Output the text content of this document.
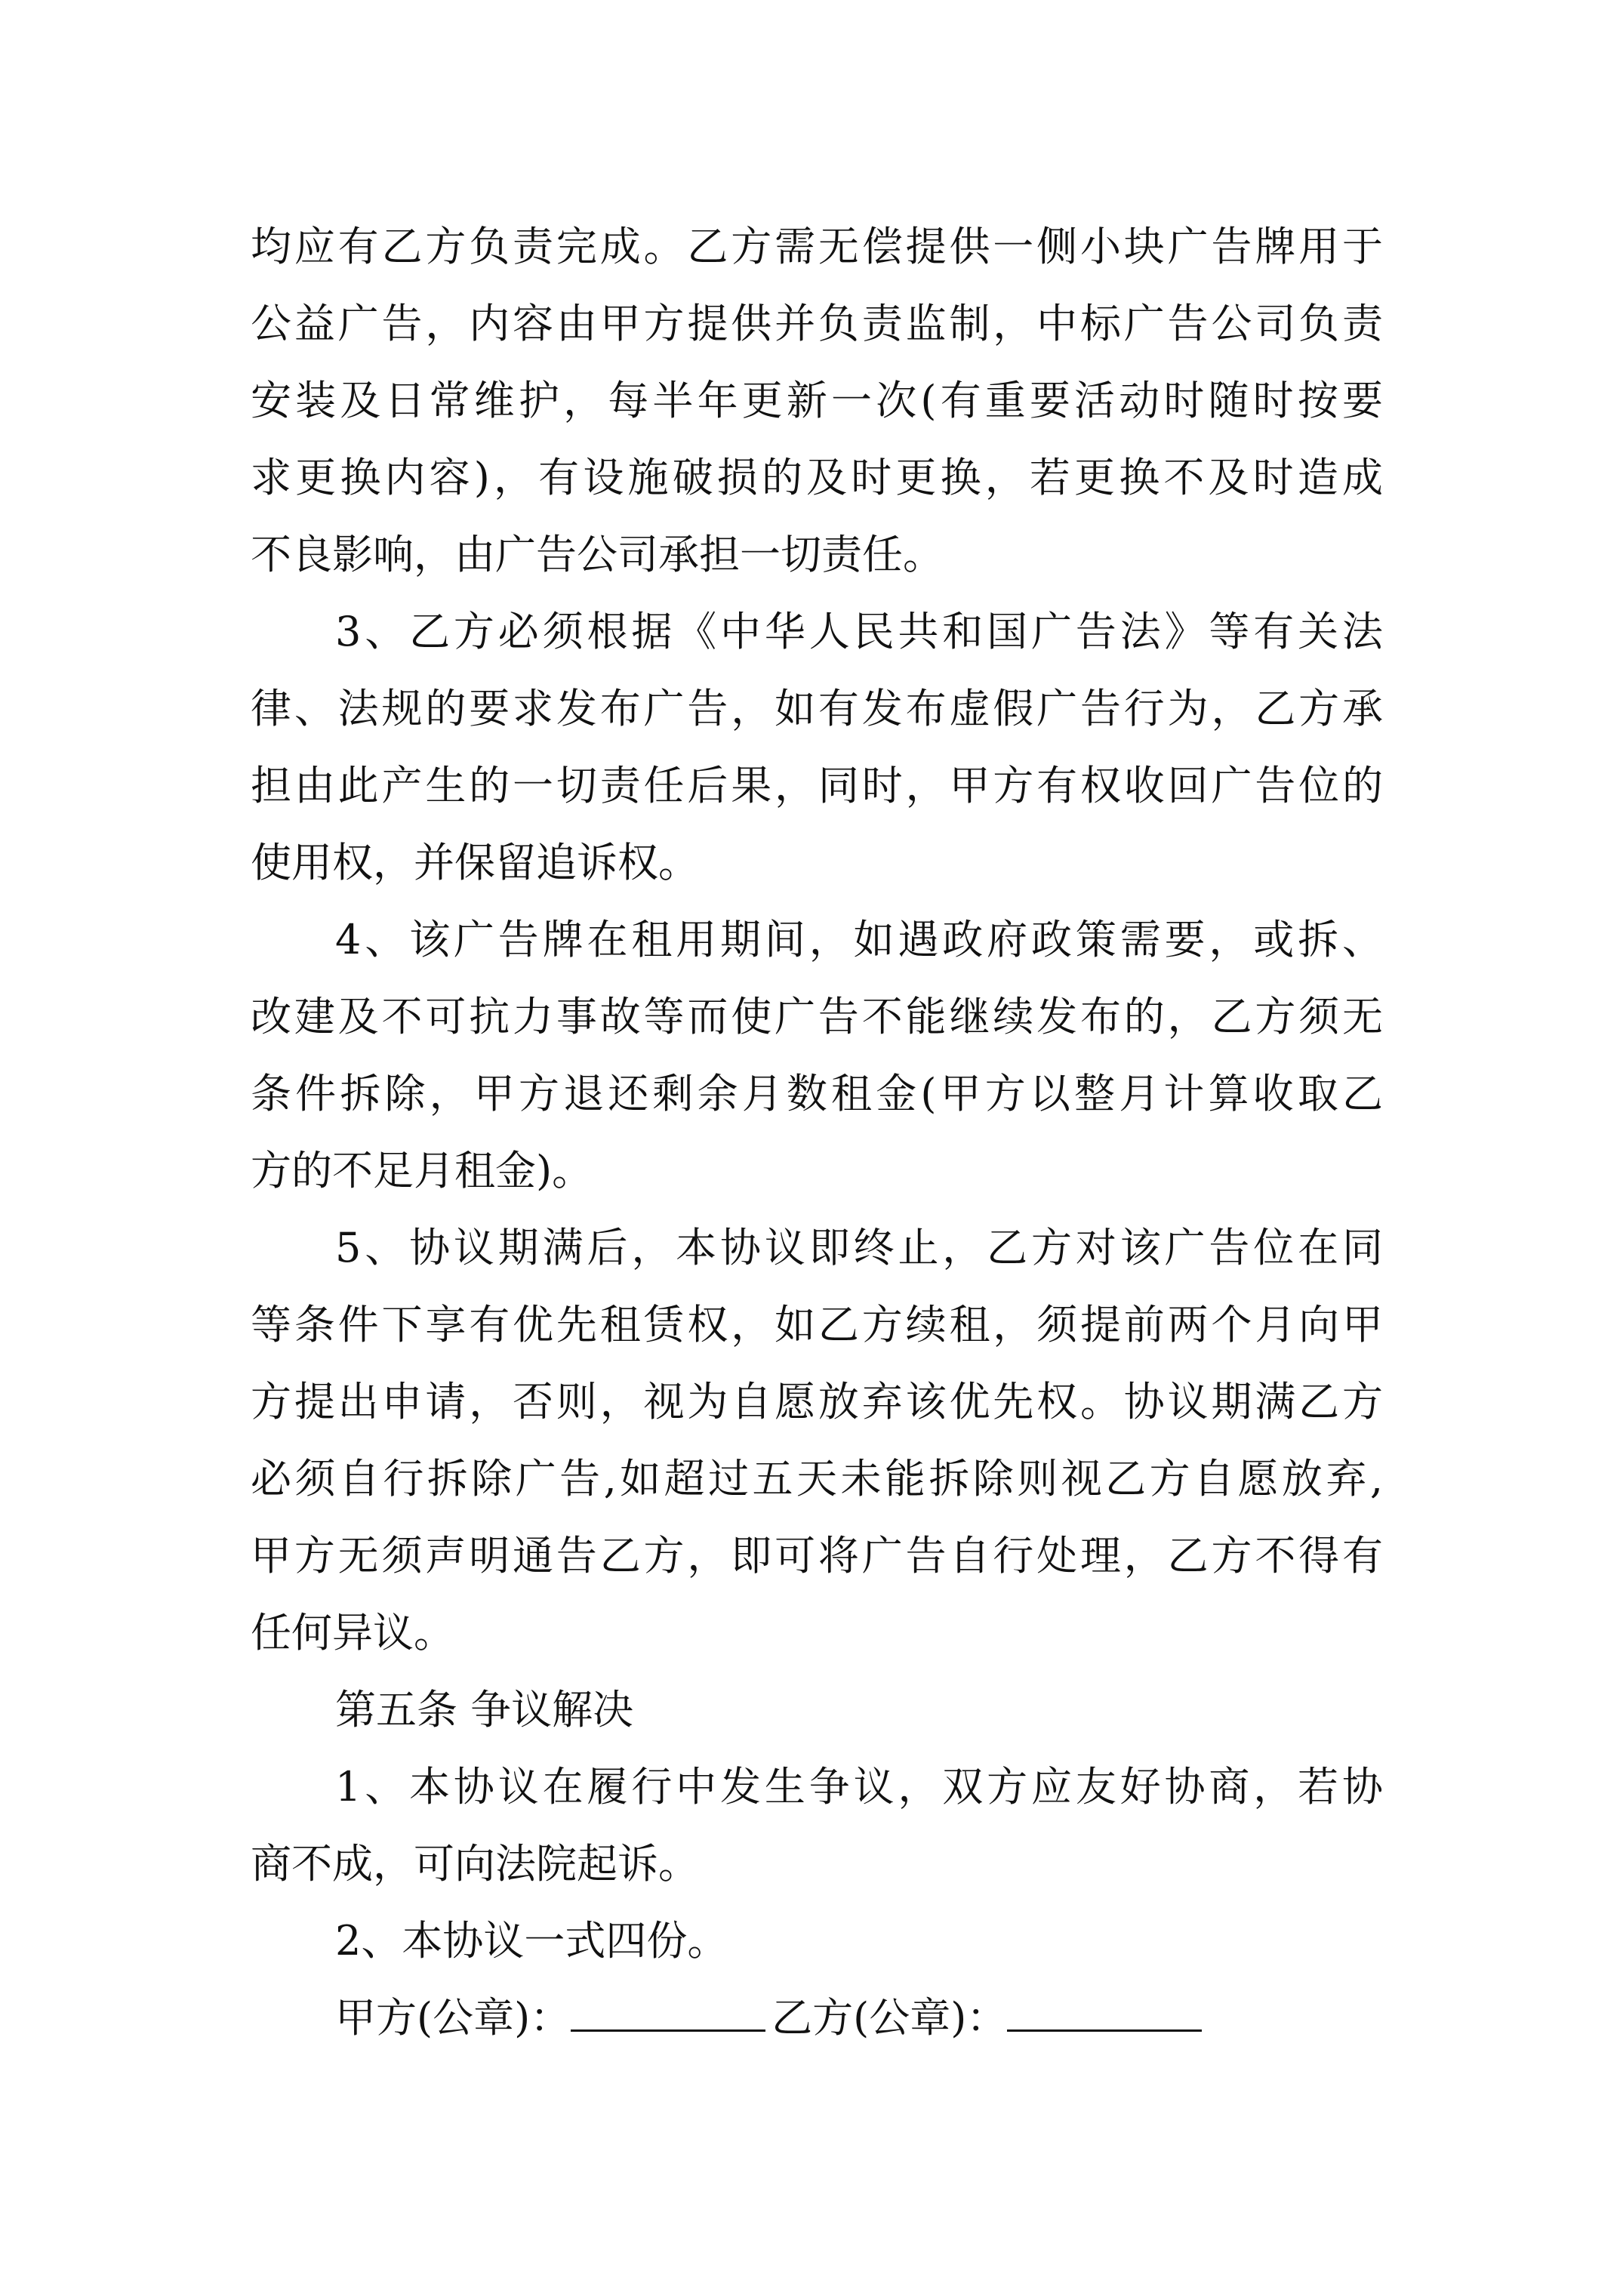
均应有乙方负责完成。乙方需无偿提供一侧小块广告牌用于
公益广告，内容由甲方提供并负责监制，中标广告公司负责
安装及日常维护，每半年更新一次(有重要活动时随时按要
求更换内容)，有设施破损的及时更换，若更换不及时造成
不良影响，由广告公司承担一切责任。
3、乙方必须根据《中华人民共和国广告法》等有关法
律、法规的要求发布广告，如有发布虚假广告行为，乙方承
担由此产生的一切责任后果，同时，甲方有权收回广告位的
使用权，并保留追诉权。
4、该广告牌在租用期间，如遇政府政策需要，或拆、
改建及不可抗力事故等而使广告不能继续发布的，乙方须无
条件拆除，甲方退还剩余月数租金(甲方以整月计算收取乙
方的不足月租金)。
5、协议期满后，本协议即终止，乙方对该广告位在同
等条件下享有优先租赁权，如乙方续租，须提前两个月向甲
方提出申请，否则，视为自愿放弃该优先权。协议期满乙方
必须自行拆除广告,如超过五天未能拆除则视乙方自愿放弃,
甲方无须声明通告乙方，即可将广告自行处理，乙方不得有
任何异议。
第五条 争议解决
1、本协议在履行中发生争议，双方应友好协商，若协
商不成，可向法院起诉。
2、本协议一式四份。
甲方(公章)：	乙方(公章)：
